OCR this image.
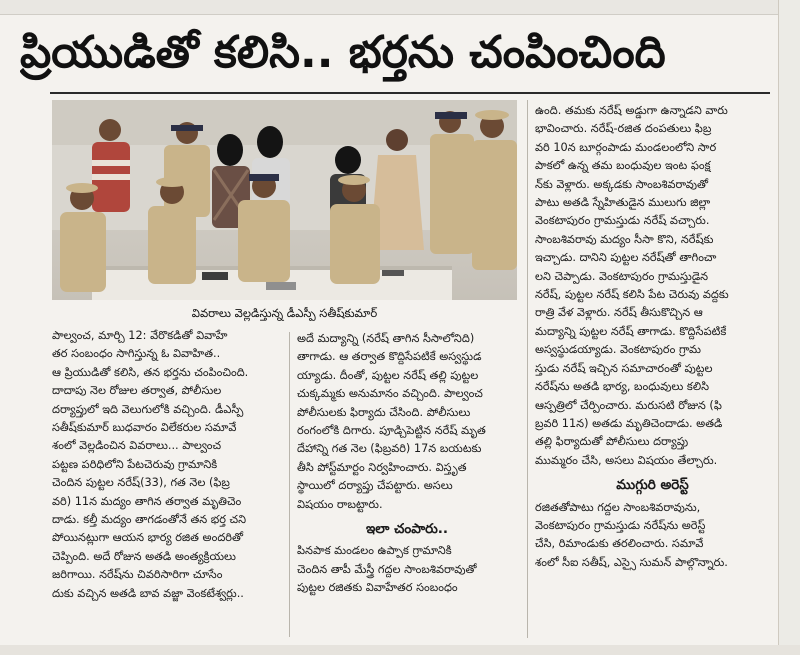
ప్రియుడితో కలిసి.. భర్తను చంపించింది
వివరాలు వెల్లడిస్తున్న డీఎస్పీ సతీష్‌కుమార్

పాల్వంచ, మార్చి 12: వేరొకడితో వివాహే

తర సంబంధం సాగిస్తున్న ఓ వివాహిత..

ఆ ప్రియుడితో కలిసి, తన భర్తను చంపించింది.

దాదాపు నెల రోజుల తర్వాత, పోలీసుల

దర్యాప్తులో ఇది వెలుగులోకి వచ్చింది. డీఎస్పీ

సతీష్‌కుమార్ బుధవారం విలేకరుల సమావే

శంలో వెల్లడించిన వివరాలు... పాల్వంచ

పట్టణ పరిధిలోని పేటచెరువు గ్రామానికి

చెందిన పుట్టల నరేష్(33), గత నెల (ఫిబ్ర

వరి) 11న మద్యం తాగిన తర్వాత మృతిచెం

దాడు. కల్తీ మద్యం తాగడంతోనే తన భర్త చని

పోయినట్లుగా ఆయన భార్య రజిత అందరితో

చెప్పింది. అదే రోజున అతడి అంత్యక్రియలు

జరిగాయి. నరేష్‌ను చివరిసారిగా చూసేం

దుకు వచ్చిన అతడి బావ వజ్జా వెంకటేశ్వర్లు..

అదే మద్యాన్ని (నరేష్ తాగిన సీసాలోనిది)

తాగాడు. ఆ తర్వాత కొద్దిసేపటికే అస్వస్థుడ

య్యాడు. దీంతో, పుట్టల నరేష్ తల్లి పుట్టల

చుక్కమ్మకు అనుమానం వచ్చింది. పాల్వంచ

పోలీసులకు ఫిర్యాదు చేసింది. పోలీసులు

రంగంలోకి దిగారు. పూడ్చిపెట్టిన నరేష్ మృత

దేహాన్ని గత నెల (ఫిబ్రవరి) 17న బయటకు

తీసి పోస్ట్‌మార్టం నిర్వహించారు. విస్తృత

స్థాయిలో దర్యాప్తు చేపట్టారు. అసలు

విషయం రాబట్టారు.

ఇలా చంపారు..

పినపాక మండలం ఉప్పాక గ్రామానికి

చెందిన తాపీ మేస్త్రీ గద్దల సాంబశివరావుతో

పుట్టల రజితకు వివాహేతర సంబంధం

ఉంది. తమకు నరేష్ అడ్డుగా ఉన్నాడని వారు

భావించారు. నరేష్-రజిత దంపతులు ఫిబ్ర

వరి 10న బూర్గంపాడు మండలంలోని సార

పాకలో ఉన్న తమ బంధువుల ఇంట ఫంక్ష

న్‌కు వెళ్లారు. అక్కడకు సాంబశివరావుతో

పాటు అతడి స్నేహితుడైన ములుగు జిల్లా

వెంకటాపురం గ్రామస్తుడు నరేష్ వచ్చారు.

సాంబశివరావు మద్యం సీసా కొని, నరేష్‌కు

ఇచ్చాడు. దానిని పుట్టల నరేష్‌తో తాగించా

లని చెప్పాడు. వెంకటాపురం గ్రామస్తుడైన

నరేష్, పుట్టల నరేష్ కలిసి పేట చెరువు వద్దకు

రాత్రి వేళ వెళ్లారు. నరేష్ తీసుకొచ్చిన ఆ

మద్యాన్ని పుట్టల నరేష్ తాగాడు. కొద్దిసేపటికే

అస్వస్థుడయ్యాడు. వెంకటాపురం గ్రామ

స్తుడు నరేష్ ఇచ్చిన సమాచారంతో పుట్టల

నరేష్‌ను అతడి భార్య, బంధువులు కలిసి

ఆస్పత్రిలో చేర్పించారు. మరుసటి రోజున (ఫి

బ్రవరి 11న) అతడు మృతిచెందాడు. అతడి

తల్లి ఫిర్యాదుతో పోలీసులు దర్యాప్తు

ముమ్మరం చేసి, అసలు విషయం తేల్చారు.

ముగ్గురి అరెస్ట్

రజితతోపాటు గద్దల సాంబశివరావును,

వెంకటాపురం గ్రామస్తుడు నరేష్‌ను అరెస్ట్

చేసి, రిమాండుకు తరలించారు. సమావే

శంలో సీఐ సతీష్, ఎస్సై సుమన్ పాల్గొన్నారు.
